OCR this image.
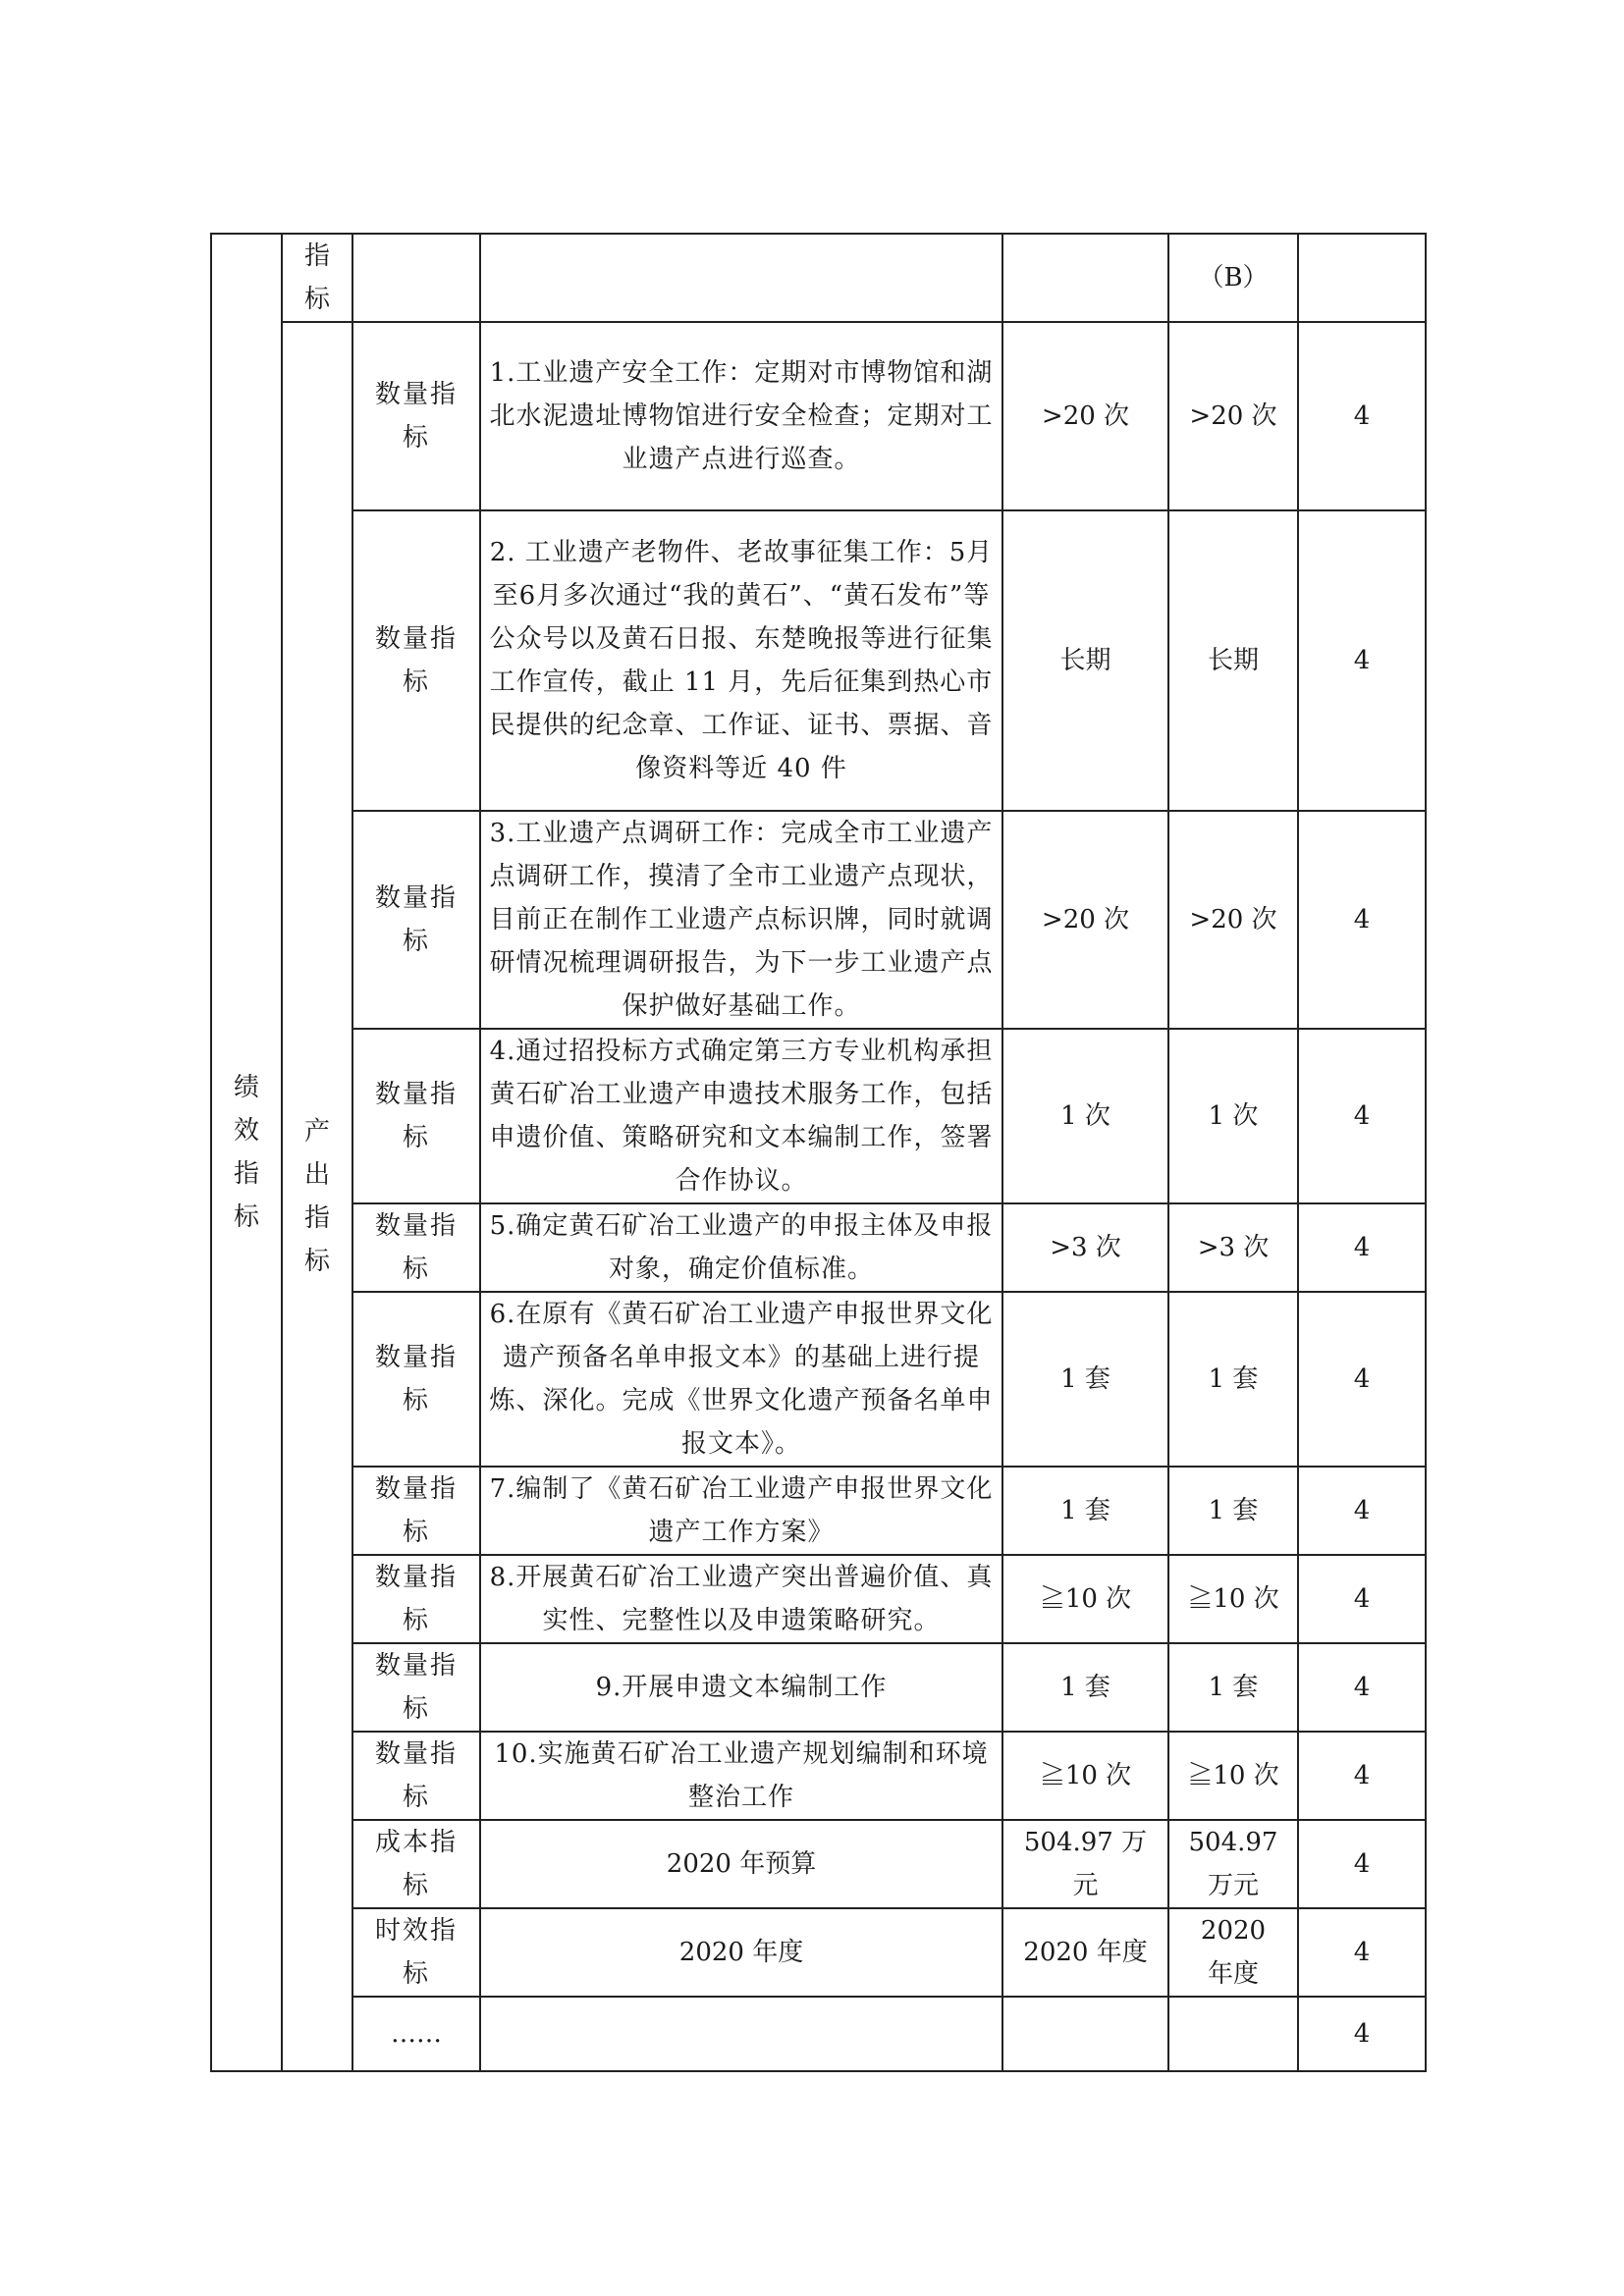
绩效指标	指标				（B）	
	产出指标	数量指标	1.工业遗产安全工作：定期对市博物馆和湖北水泥遗址博物馆进行安全检查；定期对工业遗产点进行巡查。	>20 次	>20 次	4
		数量指标	2. 工业遗产老物件、老故事征集工作：5月至6月多次通过“我的黄石”、“黄石发布”等公众号以及黄石日报、东楚晚报等进行征集工作宣传，截止 11 月，先后征集到热心市民提供的纪念章、工作证、证书、票据、音像资料等近 40 件	长期	长期	4
		数量指标	3.工业遗产点调研工作：完成全市工业遗产点调研工作，摸清了全市工业遗产点现状，目前正在制作工业遗产点标识牌，同时就调研情况梳理调研报告，为下一步工业遗产点保护做好基础工作。	>20 次	>20 次	4
		数量指标	4.通过招投标方式确定第三方专业机构承担黄石矿冶工业遗产申遗技术服务工作，包括申遗价值、策略研究和文本编制工作，签署合作协议。	1 次	1 次	4
		数量指标	5.确定黄石矿冶工业遗产的申报主体及申报对象，确定价值标准。	>3 次	>3 次	4
		数量指标	6.在原有《黄石矿冶工业遗产申报世界文化遗产预备名单申报文本》的基础上进行提炼、深化。完成《世界文化遗产预备名单申报文本》。	1 套	1 套	4
		数量指标	7.编制了《黄石矿冶工业遗产申报世界文化遗产工作方案》	1 套	1 套	4
		数量指标	8.开展黄石矿冶工业遗产突出普遍价值、真实性、完整性以及申遗策略研究。	≧10 次	≧10 次	4
		数量指标	9.开展申遗文本编制工作	1 套	1 套	4
		数量指标	10.实施黄石矿冶工业遗产规划编制和环境整治工作	≧10 次	≧10 次	4
		成本指标	2020 年预算	504.97 万元	504.97 万元	4
		时效指标	2020 年度	2020 年度	2020 年度	4
		……				4
